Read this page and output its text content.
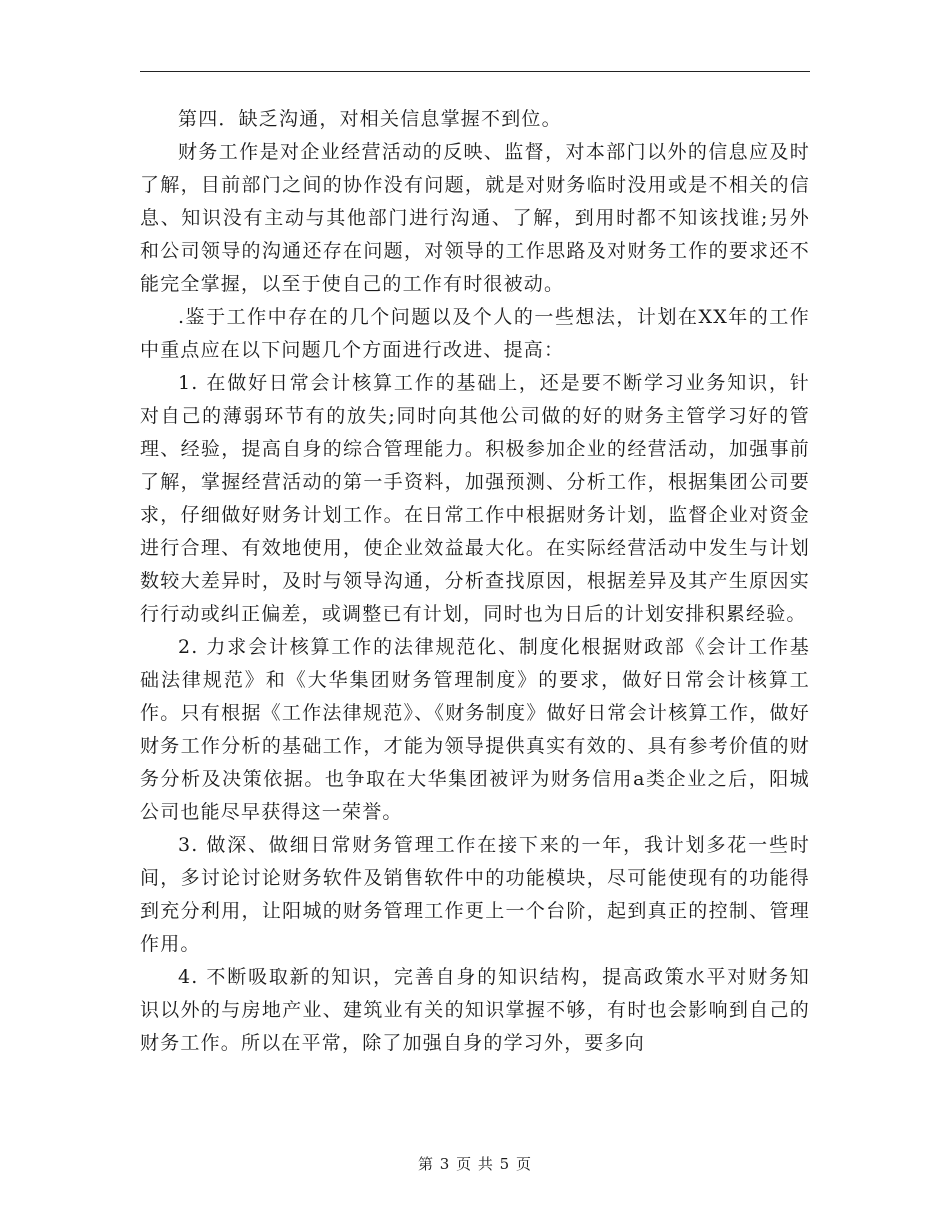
第四．缺乏沟通，对相关信息掌握不到位。

财务工作是对企业经营活动的反映、监督，对本部门以外的信息应及时了解，目前部门之间的协作没有问题，就是对财务临时没用或是不相关的信息、知识没有主动与其他部门进行沟通、了解，到用时都不知该找谁;另外和公司领导的沟通还存在问题，对领导的工作思路及对财务工作的要求还不能完全掌握，以至于使自己的工作有时很被动。

.鉴于工作中存在的几个问题以及个人的一些想法，计划在XX年的工作中重点应在以下问题几个方面进行改进、提高：

1. 在做好日常会计核算工作的基础上，还是要不断学习业务知识，针对自己的薄弱环节有的放失;同时向其他公司做的好的财务主管学习好的管理、经验，提高自身的综合管理能力。积极参加企业的经营活动，加强事前了解，掌握经营活动的第一手资料，加强预测、分析工作，根据集团公司要求，仔细做好财务计划工作。在日常工作中根据财务计划，监督企业对资金进行合理、有效地使用，使企业效益最大化。在实际经营活动中发生与计划数较大差异时，及时与领导沟通，分析查找原因，根据差异及其产生原因实行行动或纠正偏差，或调整已有计划，同时也为日后的计划安排积累经验。

2. 力求会计核算工作的法律规范化、制度化根据财政部《会计工作基础法律规范》和《大华集团财务管理制度》的要求，做好日常会计核算工作。只有根据《工作法律规范》、《财务制度》做好日常会计核算工作，做好财务工作分析的基础工作，才能为领导提供真实有效的、具有参考价值的财务分析及决策依据。也争取在大华集团被评为财务信用a类企业之后，阳城公司也能尽早获得这一荣誉。

3. 做深、做细日常财务管理工作在接下来的一年，我计划多花一些时间，多讨论讨论财务软件及销售软件中的功能模块，尽可能使现有的功能得到充分利用，让阳城的财务管理工作更上一个台阶，起到真正的控制、管理作用。

4. 不断吸取新的知识，完善自身的知识结构，提高政策水平对财务知识以外的与房地产业、建筑业有关的知识掌握不够，有时也会影响到自己的财务工作。所以在平常，除了加强自身的学习外，要多向

第 3 页 共 5 页
